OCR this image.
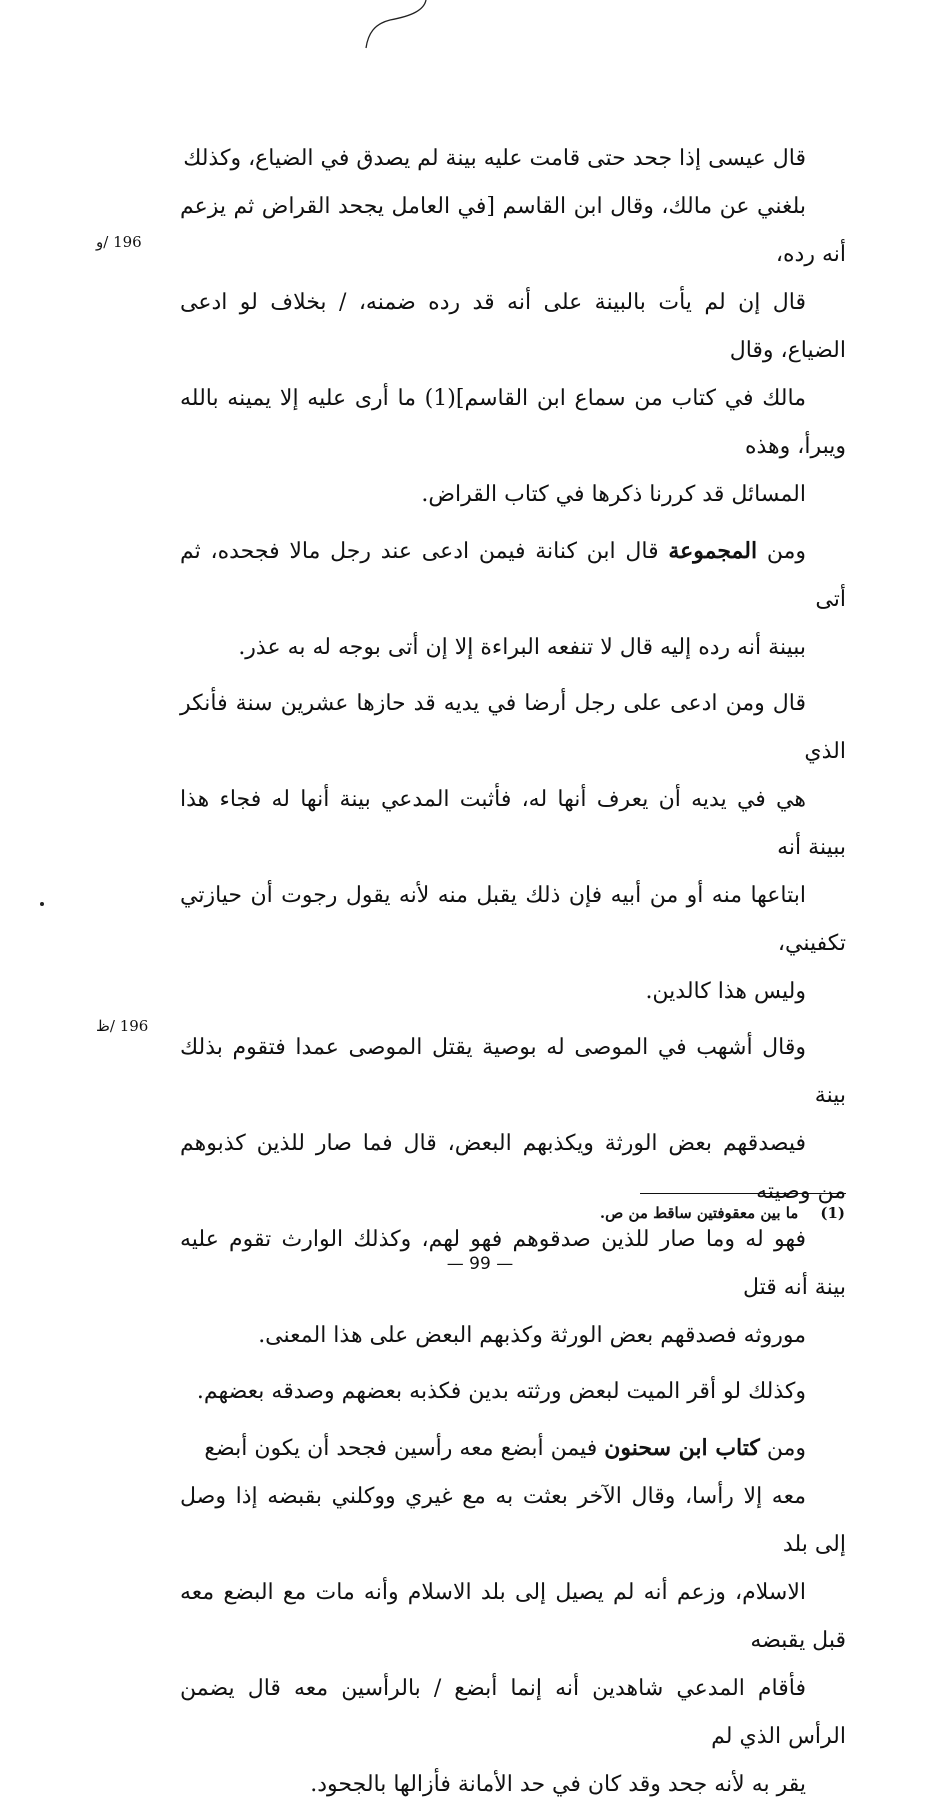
قال عيسى إذا جحد حتى قامت عليه بينة لم يصدق في الضياع، وكذلك
بلغني عن مالك، وقال ابن القاسم [في العامل يجحد القراض ثم يزعم أنه رده،
قال إن لم يأت بالبينة على أنه قد رده ضمنه، / بخلاف لو ادعى الضياع، وقال
مالك في كتاب من سماع ابن القاسم](1) ما أرى عليه إلا يمينه بالله ويبرأ، وهذه
المسائل قد كررنا ذكرها في كتاب القراض.

ومن المجموعة قال ابن كنانة فيمن ادعى عند رجل مالا فجحده، ثم أتى
ببينة أنه رده إليه قال لا تنفعه البراءة إلا إن أتى بوجه له به عذر.

قال ومن ادعى على رجل أرضا في يديه قد حازها عشرين سنة فأنكر الذي
هي في يديه أن يعرف أنها له، فأثبت المدعي بينة أنها له فجاء هذا ببينة أنه
ابتاعها منه أو من أبيه فإن ذلك يقبل منه لأنه يقول رجوت أن حيازتي تكفيني،
وليس هذا كالدين.

وقال أشهب في الموصى له بوصية يقتل الموصى عمدا فتقوم بذلك بينة
فيصدقهم بعض الورثة ويكذبهم البعض، قال فما صار للذين كذبوهم من وصيته
فهو له وما صار للذين صدقوهم فهو لهم، وكذلك الوارث تقوم عليه بينة أنه قتل
موروثه فصدقهم بعض الورثة وكذبهم البعض على هذا المعنى.

وكذلك لو أقر الميت لبعض ورثته بدين فكذبه بعضهم وصدقه بعضهم.

ومن كتاب ابن سحنون فيمن أبضع معه رأسين فجحد أن يكون أبضع
معه إلا رأسا، وقال الآخر بعثت به مع غيري ووكلني بقبضه إذا وصل إلى بلد
الاسلام، وزعم أنه لم يصيل إلى بلد الاسلام وأنه مات مع البضع معه قبل يقبضه
فأقام المدعي شاهدين أنه إنما أبضع / بالرأسين معه قال يضمن الرأس الذي لم
يقر به لأنه جحد وقد كان في حد الأمانة فأزالها بالجحود.

196 /و
196 /ظ
(1)ما بين معقوفتين ساقط من ص.
— 99 —
